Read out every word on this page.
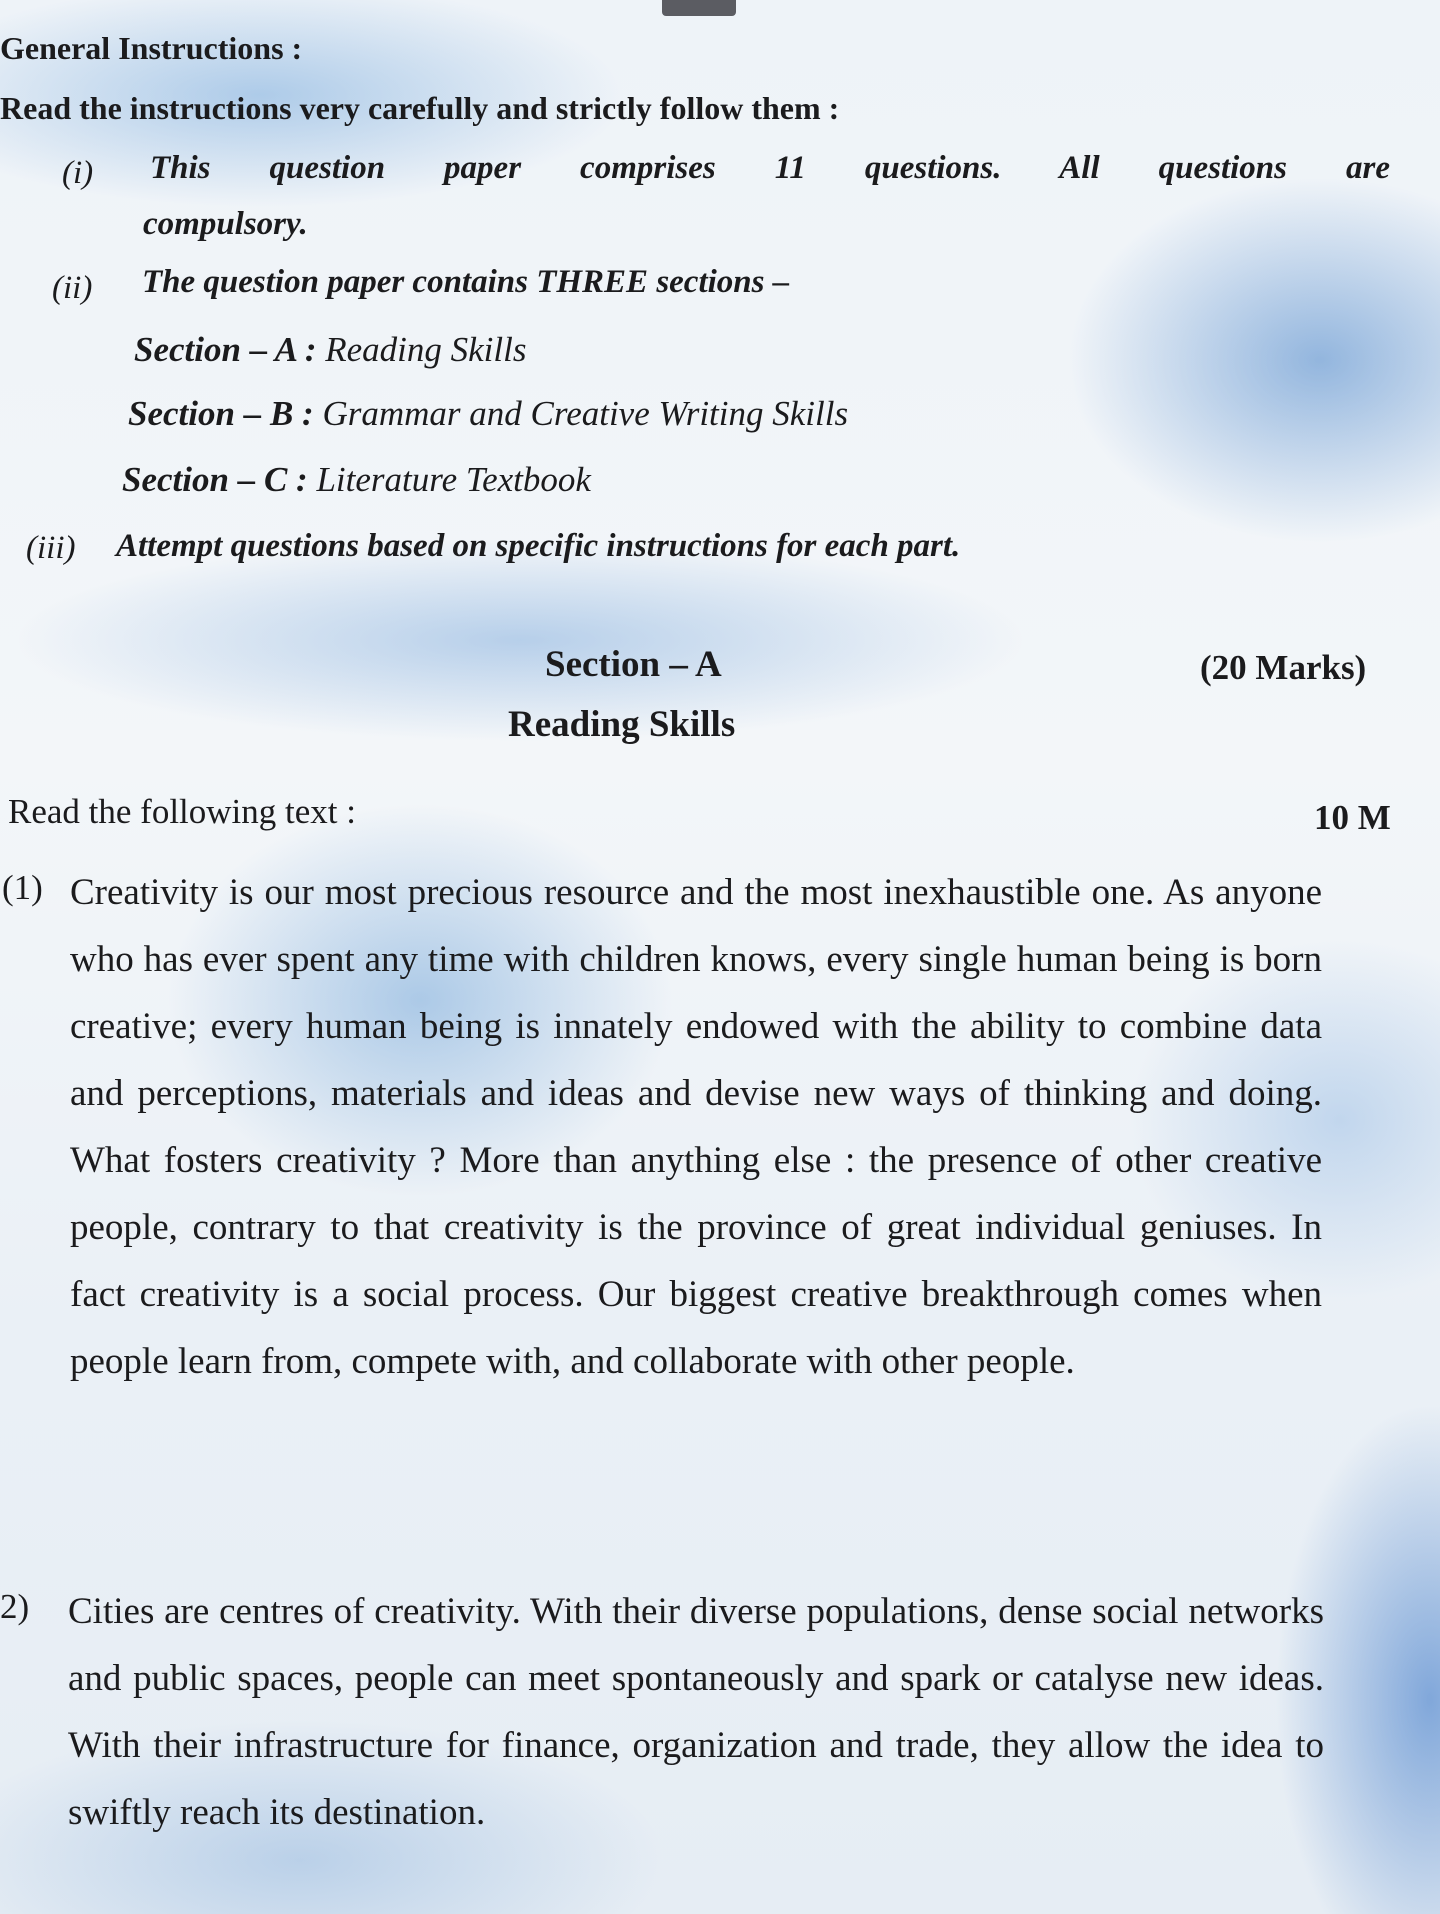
General Instructions :
Read the instructions very carefully and strictly follow them :
(i) This question paper comprises 11 questions. All questions are
compulsory.
(ii) The question paper contains THREE sections –
Section – A : Reading Skills
Section – B : Grammar and Creative Writing Skills
Section – C : Literature Textbook
(iii) Attempt questions based on specific instructions for each part.
Section – A	(20 Marks)
Reading Skills
Read the following text :	10 M
(1) Creativity is our most precious resource and the most inexhaustible one. As anyone who has ever spent any time with children knows, every single human being is born creative; every human being is innately endowed with the ability to combine data and perceptions, materials and ideas and devise new ways of thinking and doing. What fosters creativity ? More than anything else : the presence of other creative people, contrary to that creativity is the province of great individual geniuses. In fact creativity is a social process. Our biggest creative breakthrough comes when people learn from, compete with, and collaborate with other people.
2) Cities are centres of creativity. With their diverse populations, dense social networks and public spaces, people can meet spontaneously and spark or catalyse new ideas. With their infrastructure for finance, organization and trade, they allow the idea to swiftly reach its destination.
